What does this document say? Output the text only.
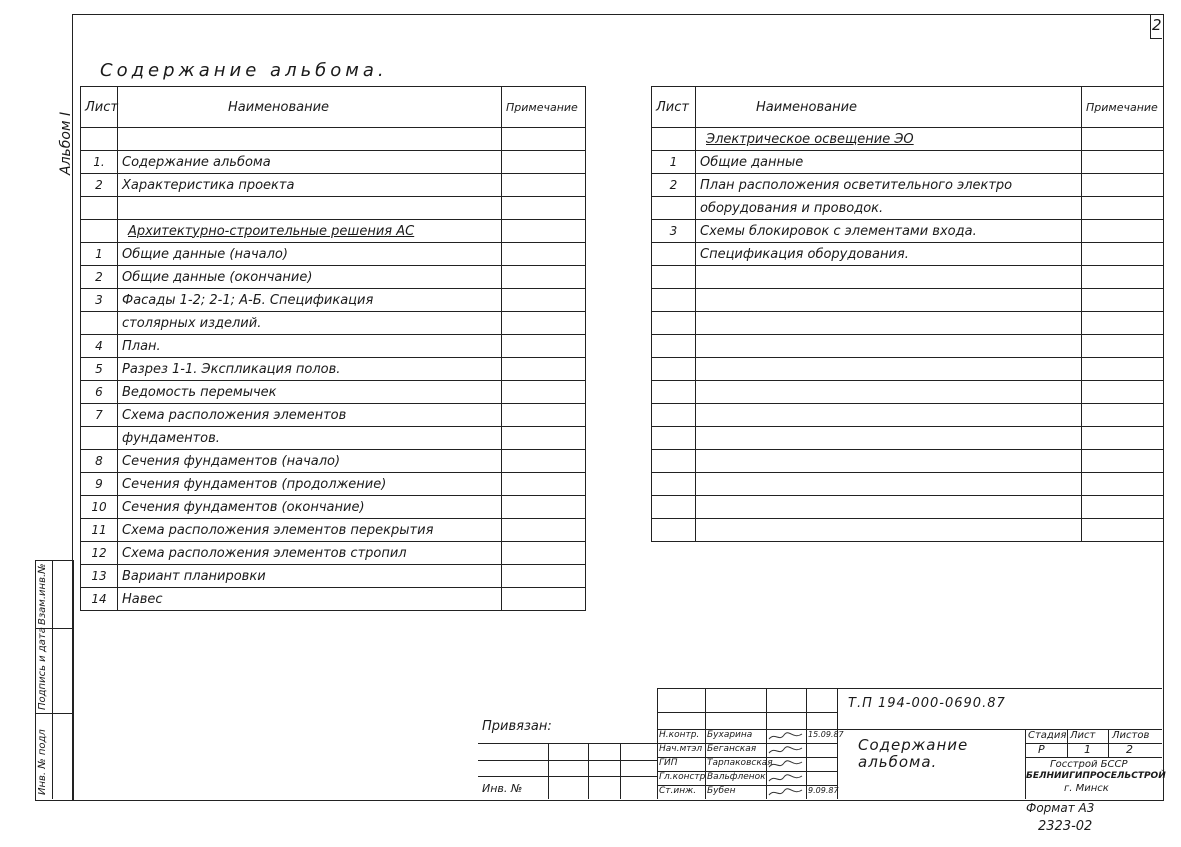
2
Альбом I
Содержание альбома.
Лист	Наименование	Примечание

1.	Содержание альбома	
2	Характеристика проекта	

	Архитектурно-строительные решения АС	
1	Общие данные (начало)	
2	Общие данные (окончание)	
3	Фасады 1-2; 2-1; А-Б. Спецификация	
	столярных изделий.	
4	План.	
5	Разрез 1-1. Экспликация полов.	
6	Ведомость перемычек	
7	Схема расположения элементов	
	фундаментов.	
8	Сечения фундаментов (начало)	
9	Сечения фундаментов (продолжение)	
10	Сечения фундаментов (окончание)	
11	Схема расположения элементов перекрытия	
12	Схема расположения элементов стропил	
13	Вариант планировки	
14	Навес	
Лист	Наименование	Примечание
	Электрическое освещение ЭО	
1	Общие данные	
2	План расположения осветительного электро	
	оборудования и проводок.	
3	Схемы блокировок с элементами входа.	
	Спецификация оборудования.	

Взам.инв.№
Подпись и дата
Инв. № подл
Привязан:
Инв. №
Т.П 194-000-0690.87
Н.контр. Бухарина	15.09.87
Нач.мтэл Беганская
ГИП	Тарпаковская
Гл.констр Вальфленок
Ст.инж.	Бубен	9.09.87
Содержание альбома.
Стадия Лист Листов
Р	1	2
Госстрой БССР
БЕЛНИИГИПРОСЕЛЬСТРОЙ
г. Минск
Формат А3
2323-02
